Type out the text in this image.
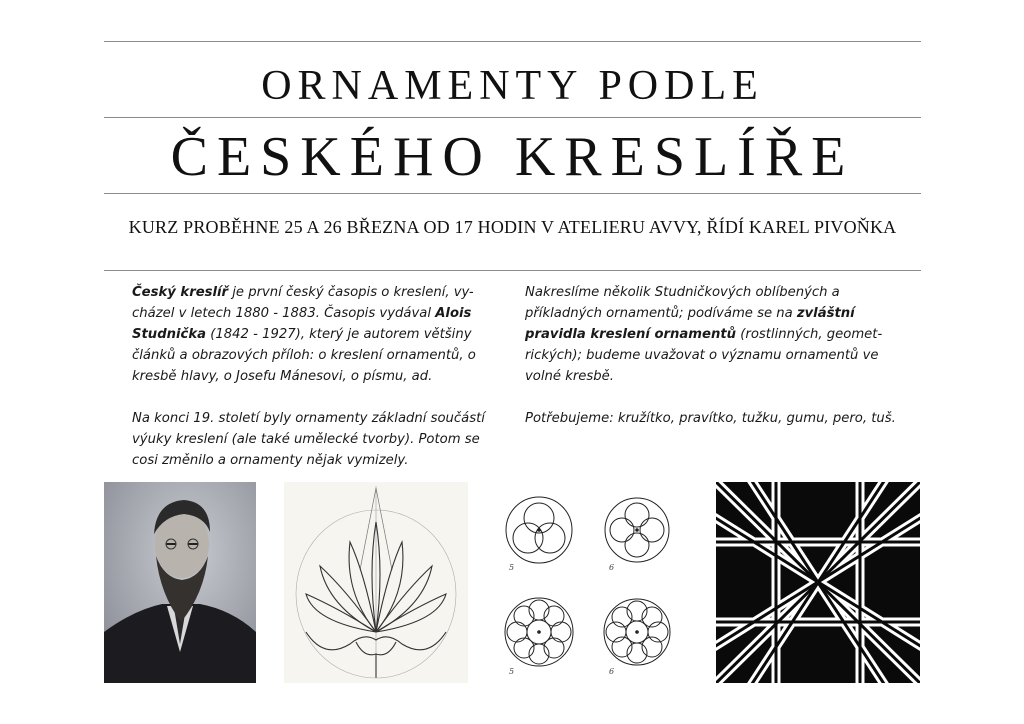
ORNAMENTY PODLE
ČESKÉHO KRESLÍŘE
KURZ PROBĚHNE 25 A 26 BŘEZNA OD 17 HODIN V ATELIERU AVVY, ŘÍDÍ KAREL PIVOŇKA

Český kreslíř je první český časopis o kreslení, vy-cházel v letech 1880 - 1883. Časopis vydával Alois Studnička (1842 - 1927), který je autorem většiny článků a obrazových příloh: o kreslení ornamentů, o kresbě hlavy, o Josefu Mánesovi, o písmu, ad.

Na konci 19. století byly ornamenty základní součástí výuky kreslení (ale také umělecké tvorby). Potom se cosi změnilo a ornamenty nějak vymizely.

Nakreslíme několik Studničkových oblíbených a příkladných ornamentů; podíváme se na zvláštní pravidla kreslení ornamentů (rostlinných, geomet-rických); budeme uvažovat o významu ornamentů ve volné kresbě.

Potřebujeme: kružítko, pravítko, tužku, gumu, pero, tuš.

5	6
5	6
